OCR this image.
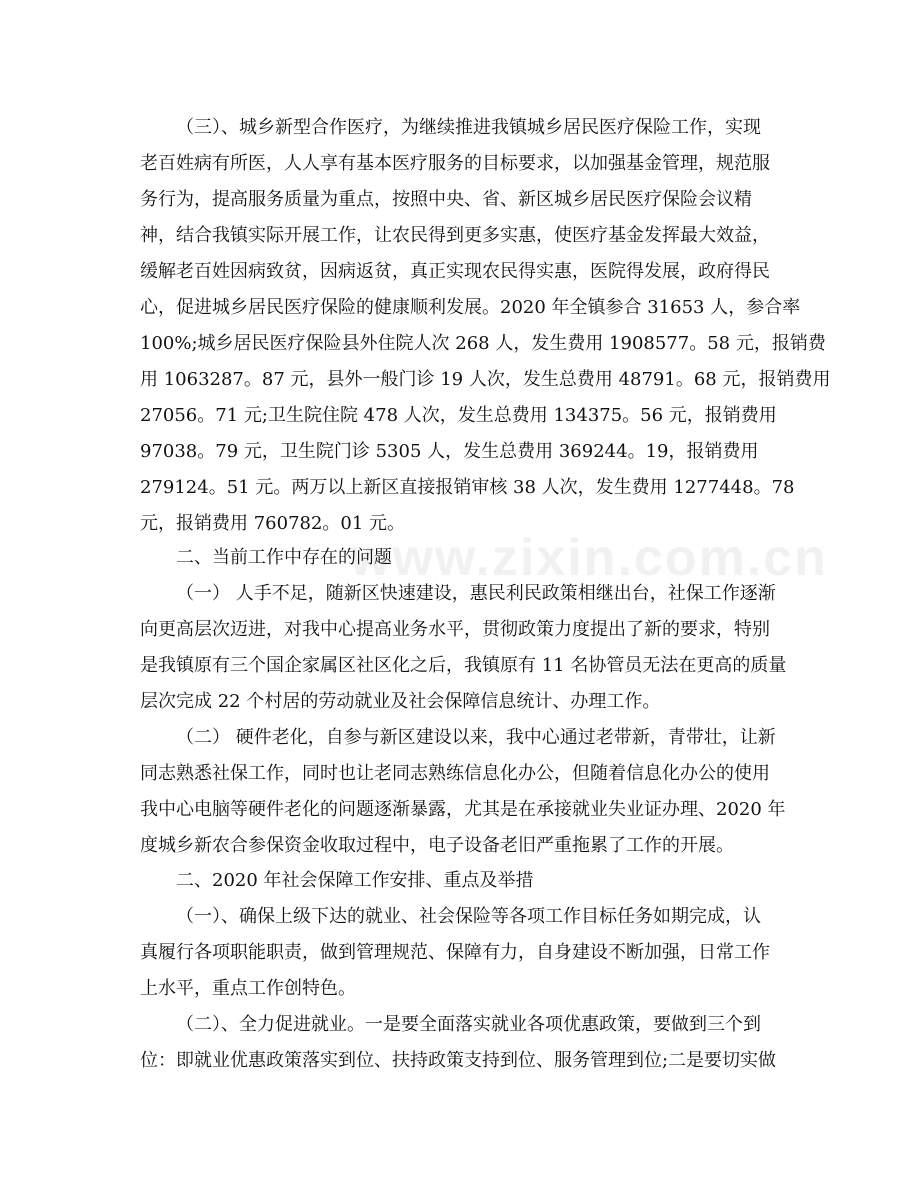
www.zixin.com.cn
（三）、城乡新型合作医疗，为继续推进我镇城乡居民医疗保险工作，实现
老百姓病有所医，人人享有基本医疗服务的目标要求，以加强基金管理，规范服
务行为，提高服务质量为重点，按照中央、省、新区城乡居民医疗保险会议精
神，结合我镇实际开展工作，让农民得到更多实惠，使医疗基金发挥最大效益，
缓解老百姓因病致贫，因病返贫，真正实现农民得实惠，医院得发展，政府得民
心，促进城乡居民医疗保险的健康顺利发展。2020 年全镇参合 31653 人，参合率
100%;城乡居民医疗保险县外住院人次 268 人，发生费用 1908577。58 元，报销费
用 1063287。87 元，县外一般门诊 19 人次，发生总费用 48791。68 元，报销费用
27056。71 元;卫生院住院 478 人次，发生总费用 134375。56 元，报销费用
97038。79 元，卫生院门诊 5305 人，发生总费用 369244。19，报销费用
279124。51 元。两万以上新区直接报销审核 38 人次，发生费用 1277448。78
元，报销费用 760782。01 元。
二、当前工作中存在的问题
（一） 人手不足，随新区快速建设，惠民利民政策相继出台，社保工作逐渐
向更高层次迈进，对我中心提高业务水平，贯彻政策力度提出了新的要求，特别
是我镇原有三个国企家属区社区化之后，我镇原有 11 名协管员无法在更高的质量
层次完成 22 个村居的劳动就业及社会保障信息统计、办理工作。
（二） 硬件老化，自参与新区建设以来，我中心通过老带新，青带壮，让新
同志熟悉社保工作，同时也让老同志熟练信息化办公，但随着信息化办公的使用
我中心电脑等硬件老化的问题逐渐暴露，尤其是在承接就业失业证办理、2020 年
度城乡新农合参保资金收取过程中，电子设备老旧严重拖累了工作的开展。
二、2020 年社会保障工作安排、重点及举措
（一）、确保上级下达的就业、社会保险等各项工作目标任务如期完成，认
真履行各项职能职责，做到管理规范、保障有力，自身建设不断加强，日常工作
上水平，重点工作创特色。
（二）、全力促进就业。一是要全面落实就业各项优惠政策，要做到三个到
位：即就业优惠政策落实到位、扶持政策支持到位、服务管理到位;二是要切实做
